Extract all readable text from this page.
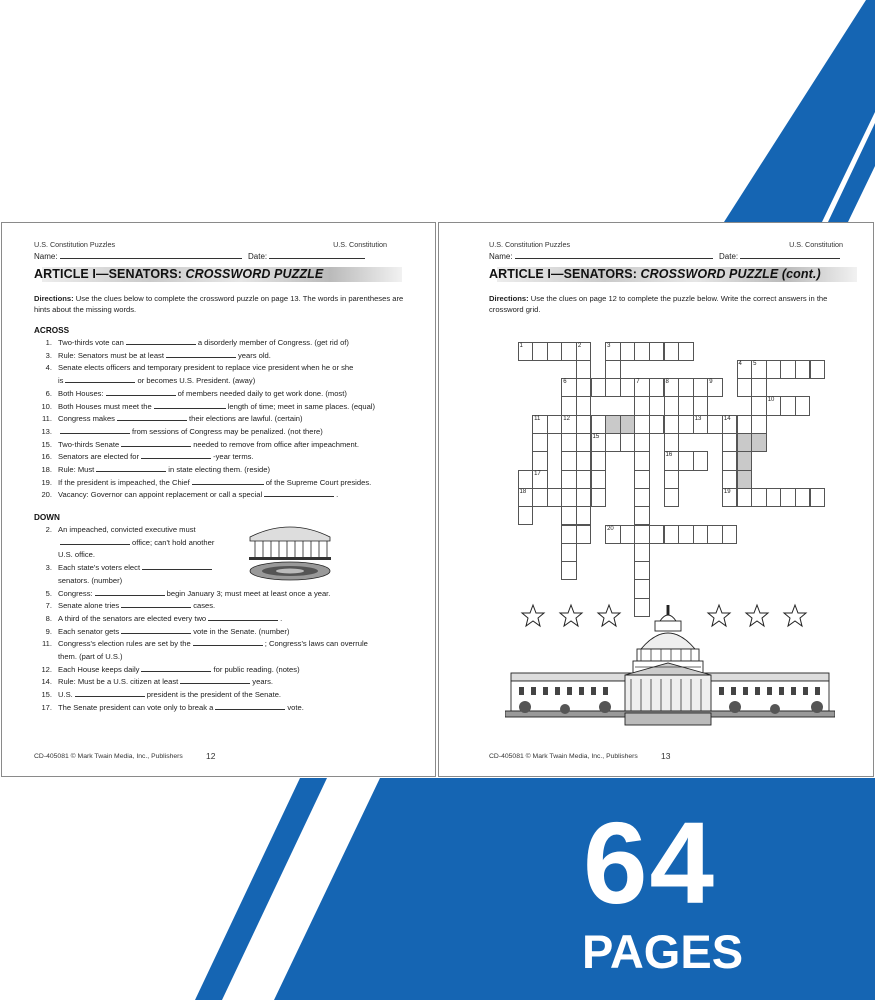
U.S. Constitution Puzzles	U.S. Constitution
Name:	Date:
ARTICLE I—SENATORS: CROSSWORD PUZZLE
Directions: Use the clues below to complete the crossword puzzle on page 13. The words in parentheses are hints about the missing words.
ACROSS
1. Two-thirds vote can	a disorderly member of Congress. (get rid of)
3. Rule: Senators must be at least	years old.
4. Senate elects officers and temporary president to replace vice president when he or she
is	or becomes U.S. President. (away)
6. Both Houses:	of members needed daily to get work done. (most)
10. Both Houses must meet the	length of time; meet in same places. (equal)
11. Congress makes	their elections are lawful. (certain)
13.	from sessions of Congress may be penalized. (not there)
15. Two-thirds Senate	needed to remove from office after impeachment.
16. Senators are elected for	-year terms.
18. Rule: Must	in state electing them. (reside)
19. If the president is impeached, the Chief	of the Supreme Court presides.
20. Vacancy: Governor can appoint replacement or call a special	.
DOWN
2. An impeached, convicted executive must
office; can't hold another
U.S. office.
3. Each state's voters elect
senators. (number)
5. Congress:	begin January 3; must meet at least once a year.
7. Senate alone tries	cases.
8. A third of the senators are elected every two	.
9. Each senator gets	vote in the Senate. (number)
11. Congress's election rules are set by the	; Congress's laws can overrule
them. (part of U.S.)
12. Each House keeps daily	for public reading. (notes)
14. Rule: Must be a U.S. citizen at least	years.
15. U.S.	president is the president of the Senate.
17. The Senate president can vote only to break a	vote.
CD-405081 © Mark Twain Media, Inc., Publishers	12
U.S. Constitution Puzzles	U.S. Constitution
Name:	Date:
ARTICLE I—SENATORS: CROSSWORD PUZZLE (cont.)
Directions: Use the clues on page 12 to complete the puzzle below. Write the correct answers in the crossword grid.
1	2	3
4 5
6	7	8	9
10
11	12	13	14
17
15
16
19
18
20
CD-405081 © Mark Twain Media, Inc., Publishers	13
64
PAGES
